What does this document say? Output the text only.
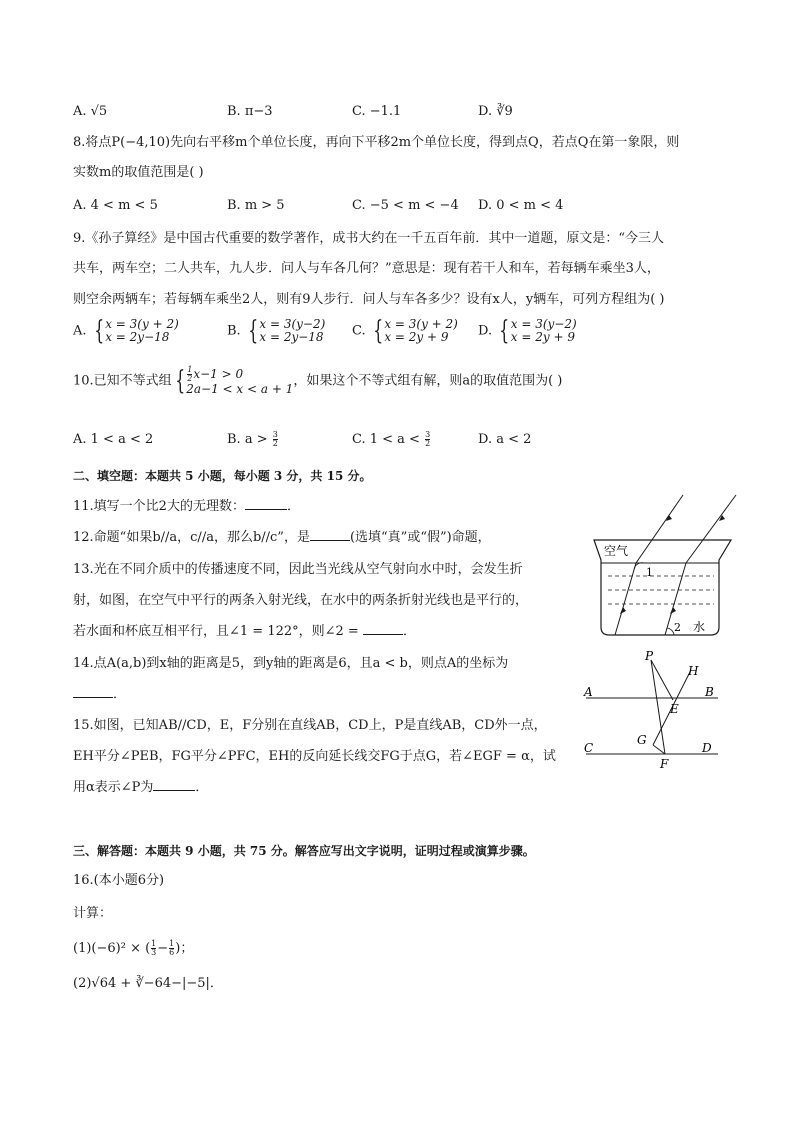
A. √5	B. π−3	C. −1.1	D. ∛9
8.将点P(−4,10)先向右平移m个单位长度，再向下平移2m个单位长度，得到点Q，若点Q在第一象限，则
实数m的取值范围是( )
A. 4 < m < 5	B. m > 5	C. −5 < m < −4 D. 0 < m < 4
9.《孙子算经》是中国古代重要的数学著作，成书大约在一千五百年前．其中一道题，原文是：“今三人
共车，两车空；二人共车，九人步．问人与车各几何？”意思是：现有若干人和车，若每辆车乘坐3人，
则空余两辆车；若每辆车乘坐2人，则有9人步行．问人与车各多少？设有x人，y辆车，可列方程组为( )
A. { x = 3(y + 2)
x = 2y−18	B. { x = 3(y−2)
x = 2y−18 C. { x = 3(y + 2)
x = 2y + 9	D. { x = 3(y−2)
x = 2y + 9
10.已知不等式组 { $\frac{1}{2} x-1 > 0$
2a−1 < x < a + 1
，如果这个不等式组有解，则a的取值范围为( )
A. 1 < a < 2	B. $a > \frac{3}{2}$	C. $1 < a < \frac{3}{2}$	D. a < 2
二、填空题：本题共 5 小题，每小题 3 分，共 15 分。
11.填写一个比2大的无理数：	．
12.命题“如果b//a，c//a，那么b//c”，是	(选填“真”或“假”)命题，
13.光在不同介质中的传播速度不同，因此当光线从空气射向水中时，会发生折
射，如图，在空气中平行的两条入射光线，在水中的两条折射光线也是平行的，
若水面和杯底互相平行，且∠1 = 122°，则∠2 =	．
14.点A(a,b)到x轴的距离是5，到y轴的距离是6，且a < b，则点A的坐标为
．
15.如图，已知AB//CD，E，F分别在直线AB，CD上，P是直线AB，CD外一点，
EH平分∠PEB，FG平分∠PFC，EH的反向延长线交FG于点G，若∠EGF = α，试
用α表示∠P为	．
三、解答题：本题共 9 小题，共 75 分。解答应写出文字说明，证明过程或演算步骤。
16.(本小题6分)
计算：
(1)(−6)² × ( $\frac{1}{3} - \frac{1}{6}$ )；
(2)√64 + ∛−64−|−5|．
空气
1
2 水
P
H
A	B
E
G
C	D
F
